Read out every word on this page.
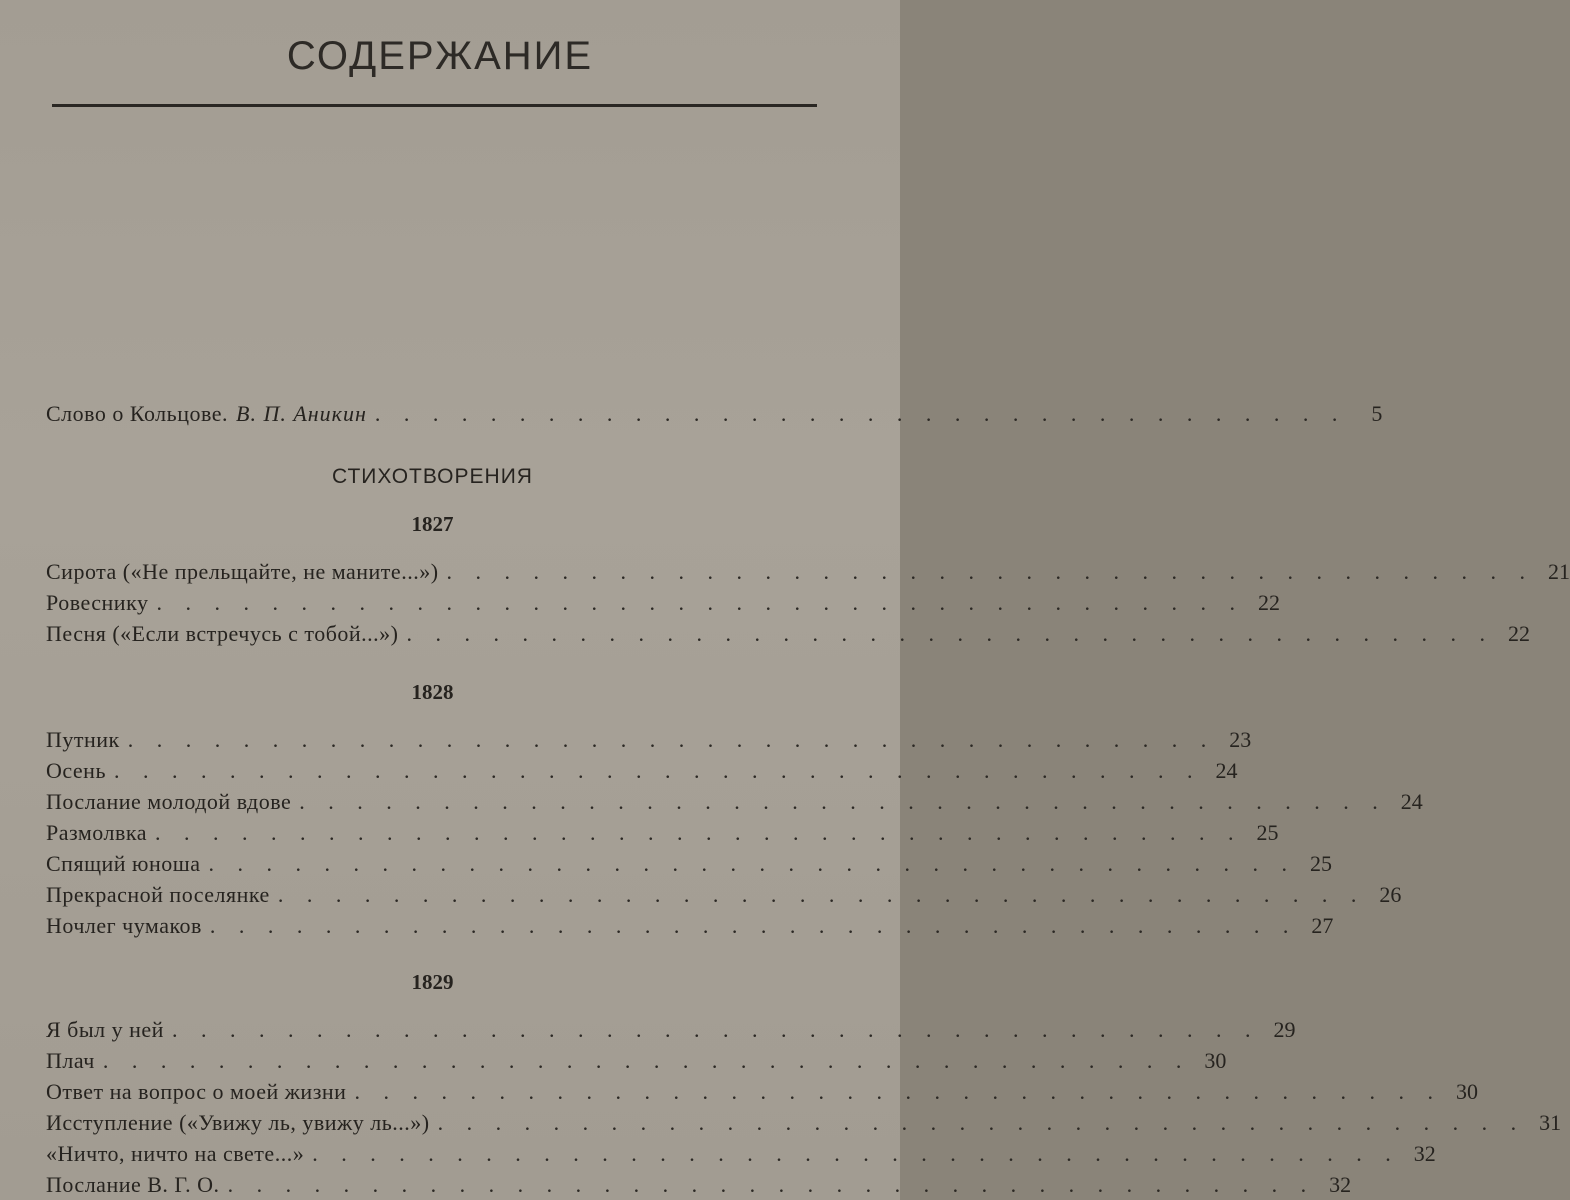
СОДЕРЖАНИЕ
Слово о Кольцове. В. П. Аникин . . . . . . . . . . . . . . . . . . . . . . . . . . . . . . . . . .	5
СТИХОТВОРЕНИЯ
1827
Сирота («Не прельщайте, не маните...») . . . . . . . . . . . . . . . . . . . . . . . . . . . . . . . . . . . . . . 21
Ровеснику . . . . . . . . . . . . . . . . . . . . . . . . . . . . . . . . . . . . . . 22
Песня («Если встречусь с тобой...») . . . . . . . . . . . . . . . . . . . . . . . . . . . . . . . . . . . . . . 22
1828
Путник . . . . . . . . . . . . . . . . . . . . . . . . . . . . . . . . . . . . . . 23
Осень . . . . . . . . . . . . . . . . . . . . . . . . . . . . . . . . . . . . . . 24
Послание молодой вдове . . . . . . . . . . . . . . . . . . . . . . . . . . . . . . . . . . . . . . 24
Размолвка . . . . . . . . . . . . . . . . . . . . . . . . . . . . . . . . . . . . . . 25
Спящий юноша . . . . . . . . . . . . . . . . . . . . . . . . . . . . . . . . . . . . . . 25
Прекрасной поселянке . . . . . . . . . . . . . . . . . . . . . . . . . . . . . . . . . . . . . . 26
Ночлег чумаков . . . . . . . . . . . . . . . . . . . . . . . . . . . . . . . . . . . . . . 27
1829
Я был у ней . . . . . . . . . . . . . . . . . . . . . . . . . . . . . . . . . . . . . . 29
Плач . . . . . . . . . . . . . . . . . . . . . . . . . . . . . . . . . . . . . . 30
Ответ на вопрос о моей жизни . . . . . . . . . . . . . . . . . . . . . . . . . . . . . . . . . . . . . . 30
Исступление («Увижу ль, увижу ль...») . . . . . . . . . . . . . . . . . . . . . . . . . . . . . . . . . . . . . . 31
«Ничто, ничто на свете...» . . . . . . . . . . . . . . . . . . . . . . . . . . . . . . . . . . . . . . 32
Послание В. Г. О. . . . . . . . . . . . . . . . . . . . . . . . . . . . . . . . . . . . . . . 32
